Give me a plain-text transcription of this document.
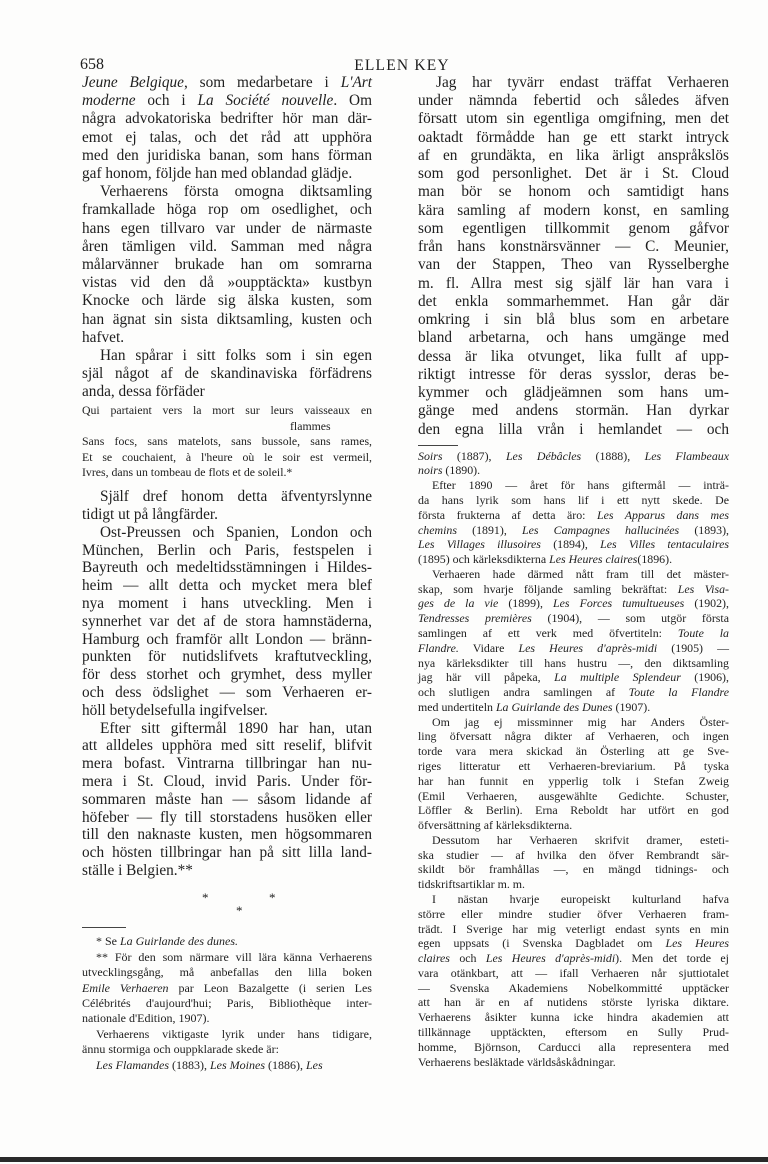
658	ELLEN KEY
Jeune Belgique, som medarbetare i L'Art
moderne och i La Société nouvelle. Om
några advokatoriska bedrifter hör man där-
emot ej talas, och det råd att upphöra
med den juridiska banan, som hans förman
gaf honom, följde han med oblandad glädje.
Verhaerens första omogna diktsamling
framkallade höga rop om osedlighet, och
hans egen tillvaro var under de närmaste
åren tämligen vild. Samman med några
målarvänner brukade han om somrarna
vistas vid den då »oupptäckta» kustbyn
Knocke och lärde sig älska kusten, som
han ägnat sin sista diktsamling, kusten och
hafvet.
Han spårar i sitt folks som i sin egen
själ något af de skandinaviska förfädrens
anda, dessa förfäder
Qui partaient vers la mort sur leurs vaisseaux en
flammes
Sans focs, sans matelots, sans bussole, sans rames,
Et se couchaient, à l'heure où le soir est vermeil,
Ivres, dans un tombeau de flots et de soleil.*
Själf dref honom detta äfventyrslynne
tidigt ut på långfärder.
Ost-Preussen och Spanien, London och
München, Berlin och Paris, festspelen i
Bayreuth och medeltidsstämningen i Hildes-
heim — allt detta och mycket mera blef
nya moment i hans utveckling. Men i
synnerhet var det af de stora hamnstäderna,
Hamburg och framför allt London — bränn-
punkten för nutidslifvets kraftutveckling,
för dess storhet och grymhet, dess myller
och dess ödslighet — som Verhaeren er-
höll betydelsefulla ingifvelser.
Efter sitt giftermål 1890 har han, utan
att alldeles upphöra med sitt reselif, blifvit
mera bofast. Vintrarna tillbringar han nu-
mera i St. Cloud, invid Paris. Under för-
sommaren måste han — såsom lidande af
höfeber — fly till storstadens husöken eller
till den naknaste kusten, men högsommaren
och hösten tillbringar han på sitt lilla land-
ställe i Belgien.**
*	*
*
* Se La Guirlande des dunes.
** För den som närmare vill lära känna Verhaerens
utvecklingsgång, må anbefallas den lilla boken
Emile Verhaeren par Leon Bazalgette (i serien Les
Célébrités d'aujourd'hui; Paris, Bibliothèque inter-
nationale d'Edition, 1907).
Verhaerens viktigaste lyrik under hans tidigare,
ännu stormiga och ouppklarade skede är:
Les Flamandes (1883), Les Moines (1886), Les
Jag har tyvärr endast träffat Verhaeren
under nämnda febertid och således äfven
försatt utom sin egentliga omgifning, men det
oaktadt förmådde han ge ett starkt intryck
af en grundäkta, en lika ärligt anspråkslös
som god personlighet. Det är i St. Cloud
man bör se honom och samtidigt hans
kära samling af modern konst, en samling
som egentligen tillkommit genom gåfvor
från hans konstnärsvänner — C. Meunier,
van der Stappen, Theo van Rysselberghe
m. fl. Allra mest sig själf lär han vara i
det enkla sommarhemmet. Han går där
omkring i sin blå blus som en arbetare
bland arbetarna, och hans umgänge med
dessa är lika otvunget, lika fullt af upp-
riktigt intresse för deras sysslor, deras be-
kymmer och glädjeämnen som hans um-
gänge med andens stormän. Han dyrkar
den egna lilla vrån i hemlandet — och
Soirs (1887), Les Débâcles (1888), Les Flambeaux
noirs (1890).
Efter 1890 — året för hans giftermål — inträ-
da hans lyrik som hans lif i ett nytt skede. De
första frukterna af detta äro: Les Apparus dans mes
chemins (1891), Les Campagnes hallucinées (1893),
Les Villages illusoires (1894), Les Villes tentaculaires
(1895) och kärleksdikterna Les Heures claires(1896).
Verhaeren hade därmed nått fram till det mäster-
skap, som hvarje följande samling bekräftat: Les Visa-
ges de la vie (1899), Les Forces tumultueuses (1902),
Tendresses premières (1904), — som utgör första
samlingen af ett verk med öfvertiteln: Toute la
Flandre. Vidare Les Heures d'après-midi (1905) —
nya kärleksdikter till hans hustru —, den diktsamling
jag här vill påpeka, La multiple Splendeur (1906),
och slutligen andra samlingen af Toute la Flandre
med undertiteln La Guirlande des Dunes (1907).
Om jag ej missminner mig har Anders Öster-
ling öfversatt några dikter af Verhaeren, och ingen
torde vara mera skickad än Österling att ge Sve-
riges litteratur ett Verhaeren-breviarium. På tyska
har han funnit en ypperlig tolk i Stefan Zweig
(Emil Verhaeren, ausgewählte Gedichte. Schuster,
Löffler & Berlin). Erna Reboldt har utfört en god
öfversättning af kärleksdikterna.
Dessutom har Verhaeren skrifvit dramer, esteti-
ska studier — af hvilka den öfver Rembrandt sär-
skildt bör framhållas —, en mängd tidnings- och
tidskriftsartiklar m. m.
I nästan hvarje europeiskt kulturland hafva
större eller mindre studier öfver Verhaeren fram-
trädt. I Sverige har mig veterligt endast synts en min
egen uppsats (i Svenska Dagbladet om Les Heures
claires och Les Heures d'après-midi). Men det torde ej
vara otänkbart, att — ifall Verhaeren når sjuttiotalet
— Svenska Akademiens Nobelkommitté upptäcker
att han är en af nutidens störste lyriska diktare.
Verhaerens åsikter kunna icke hindra akademien att
tillkännage upptäckten, eftersom en Sully Prud-
homme, Björnson, Carducci alla representera med
Verhaerens besläktade världsåskådningar.
